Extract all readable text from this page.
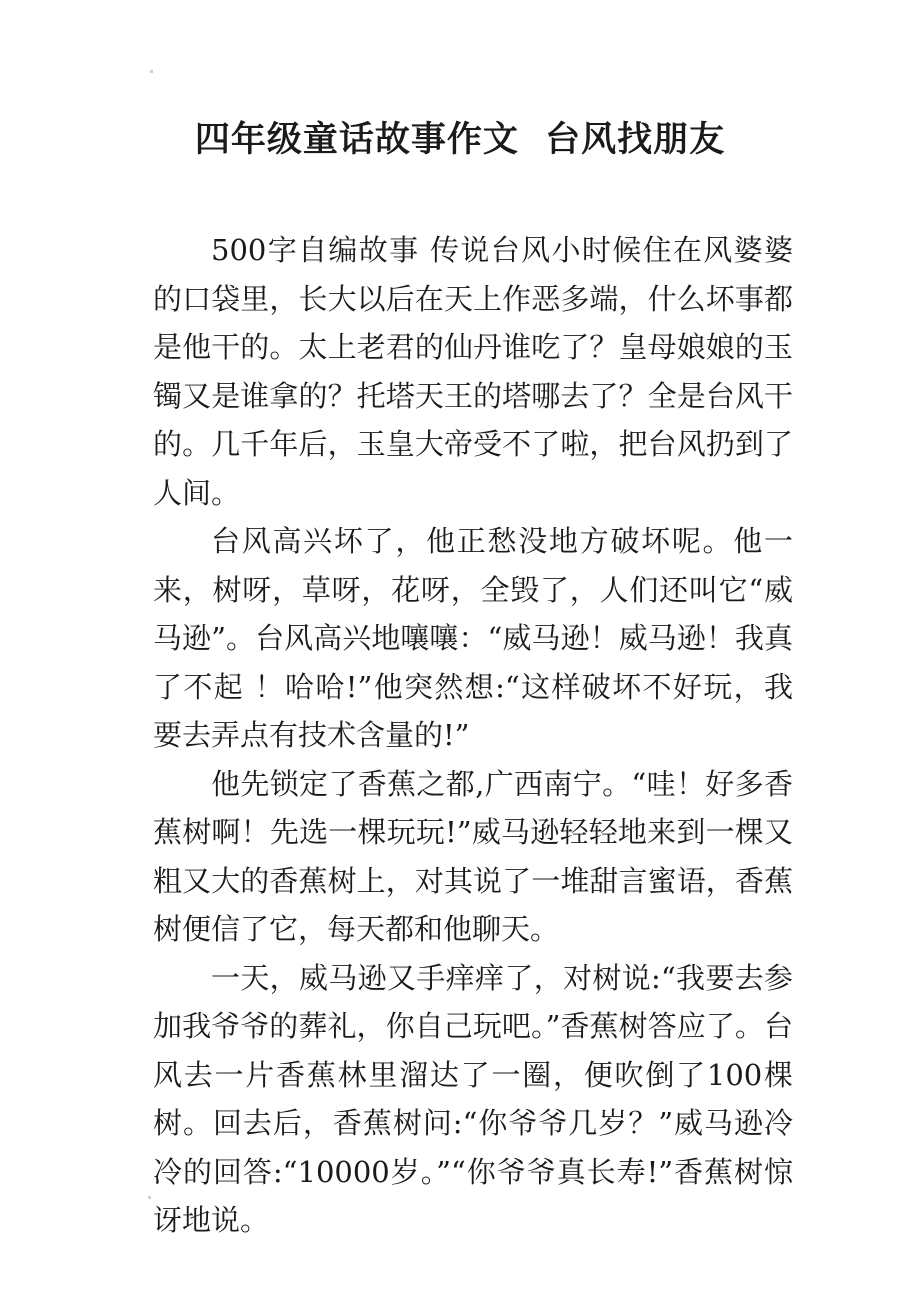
四年级童话故事作文  台风找朋友

500字自编故事 传说台风小时候住在风婆婆的口袋里，长大以后在天上作恶多端，什么坏事都是他干的。太上老君的仙丹谁吃了？皇母娘娘的玉镯又是谁拿的？托塔天王的塔哪去了？全是台风干的。几千年后，玉皇大帝受不了啦，把台风扔到了人间。

台风高兴坏了，他正愁没地方破坏呢。他一来，树呀，草呀，花呀，全毁了，人们还叫它“威马逊”。台风高兴地嚷嚷：“威马逊！威马逊！我真了不起 ！哈哈!”他突然想:“这样破坏不好玩，我要去弄点有技术含量的!”

他先锁定了香蕉之都,广西南宁。“哇！好多香蕉树啊！先选一棵玩玩!”威马逊轻轻地来到一棵又粗又大的香蕉树上，对其说了一堆甜言蜜语，香蕉树便信了它，每天都和他聊天。

一天，威马逊又手痒痒了，对树说:“我要去参加我爷爷的葬礼，你自己玩吧。”香蕉树答应了。台风去一片香蕉林里溜达了一圈，便吹倒了100棵树。回去后，香蕉树问:“你爷爷几岁？”威马逊冷冷的回答:“10000岁。”“你爷爷真长寿!”香蕉树惊讶地说。
